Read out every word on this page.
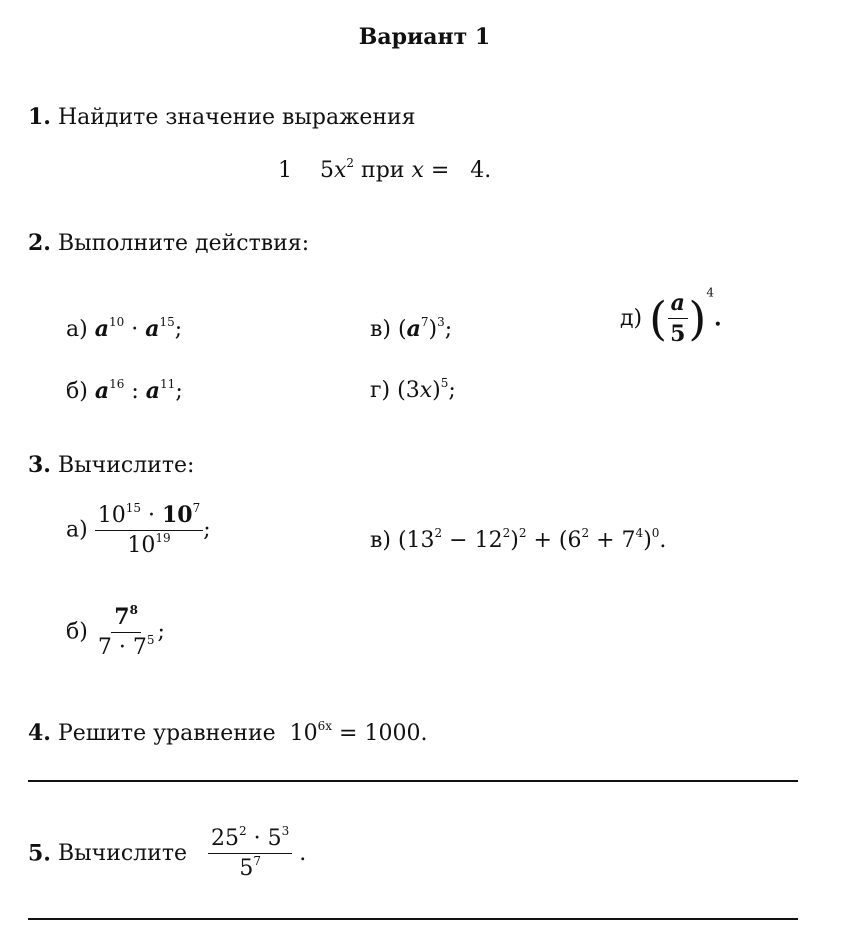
Вариант 1
1. Найдите значение выражения
1 $5x^2$ при x =   4.
2. Выполните действия:
а) $a^{10} \cdot a^{15}$;
б) $a^{16}$ : $a^{11}$;
в) $(a^7)^3$;
г) $(3x)^5$;
д) ( $\frac{a}{5} )^4$.
3. Вычислите:
$а) \frac{10^{15} \cdot 10^7}{10^{19}}$ ;	в) $(13^2 - 12^2)^2 + (6^2 + 7^4)^0$.
$б) \frac{7^8}{7 \cdot 7^5}$ ;
4. Решите уравнение $10^{6x} = 1000$.
5. Вычислите $\frac{25^2 \cdot 5^3}{5^7}$ .
